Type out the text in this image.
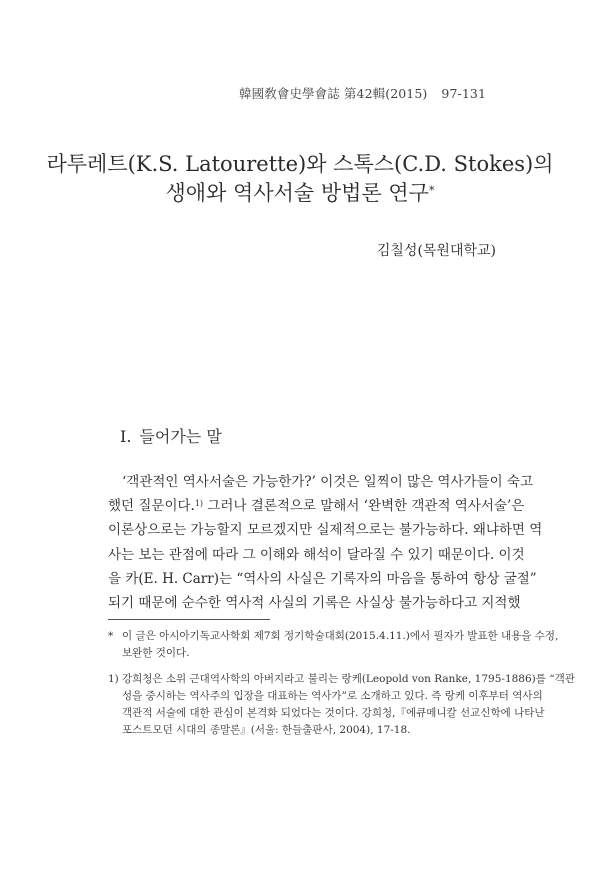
韓國敎會史學會誌 第42輯(2015) 97-131
라투레트(K.S. Latourette)와 스톡스(C.D. Stokes)의
생애와 역사서술 방법론 연구*
김칠성(목원대학교)
I. 들어가는 말
‘객관적인 역사서술은 가능한가?’ 이것은 일찍이 많은 역사가들이 숙고
했던 질문이다.$^{1)}$ 그러나 결론적으로 말해서 ‘완벽한 객관적 역사서술’은
이론상으로는 가능할지 모르겠지만 실제적으로는 불가능하다. 왜냐하면 역
사는 보는 관점에 따라 그 이해와 해석이 달라질 수 있기 때문이다. 이것
을 카(E. H. Carr)는 “역사의 사실은 기록자의 마음을 통하여 항상 굴절”
되기 때문에 순수한 역사적 사실의 기록은 사실상 불가능하다고 지적했
* 이 글은 아시아기독교사학회 제7회 정기학술대회(2015.4.11.)에서 필자가 발표한 내용을 수정,
보완한 것이다.
1) 강희청은 소위 근대역사학의 아버지라고 불리는 랑케(Leopold von Ranke, 1795-1886)를 “객관
성을 중시하는 역사주의 입장을 대표하는 역사가”로 소개하고 있다. 즉 랑케 이후부터 역사의
객관적 서술에 대한 관심이 본격화 되었다는 것이다. 강희청,『에큐메니칼 선교신학에 나타난
포스트모던 시대의 종말론』(서울: 한들출판사, 2004), 17-18.
